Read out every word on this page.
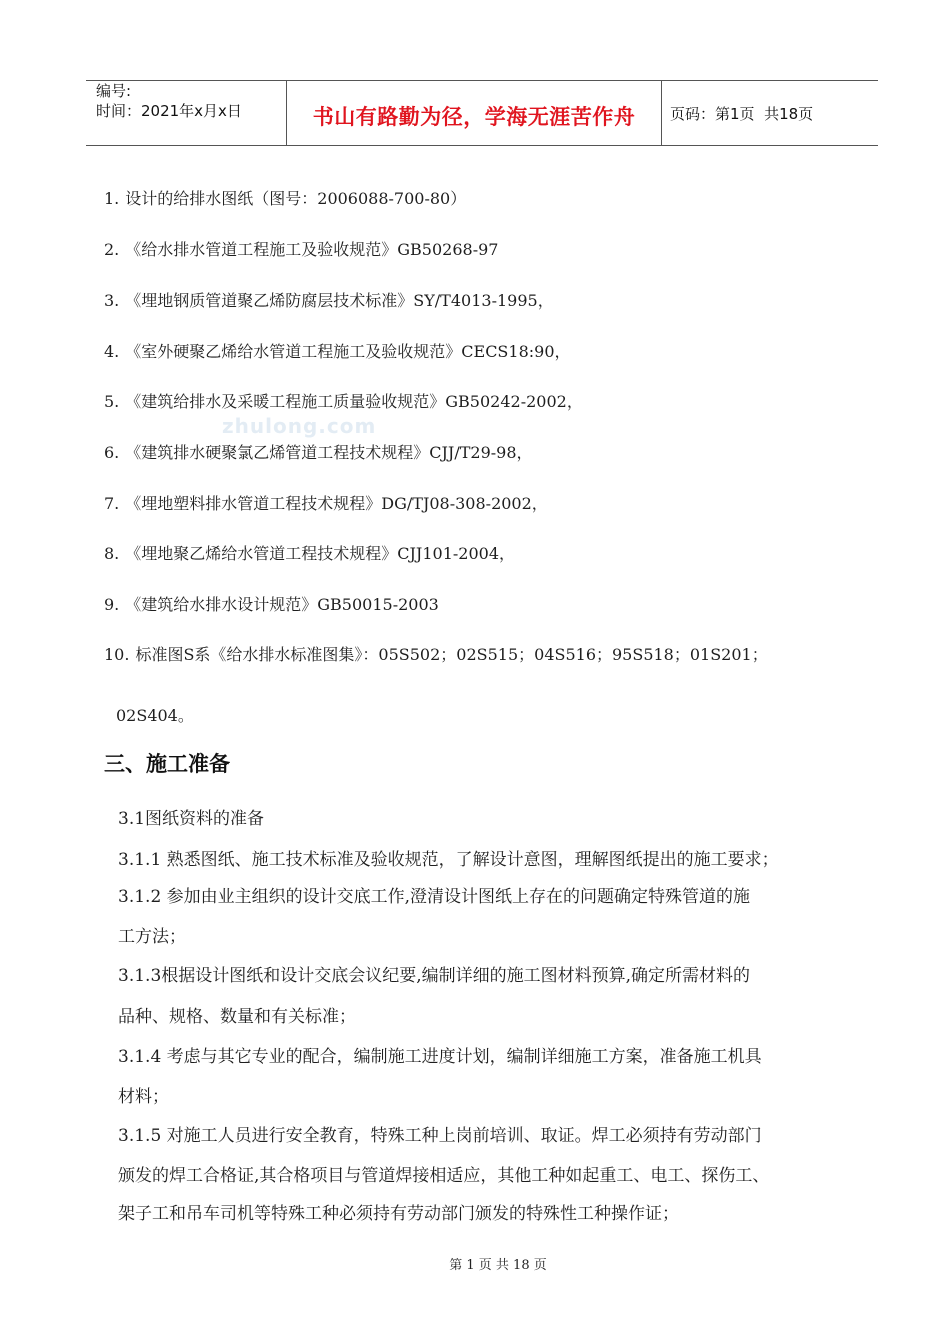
编号:
时间：2021年x月x日	书山有路勤为径，学海无涯苦作舟 页码：第1页  共18页
zhulong.com
1. 设计的给排水图纸（图号：2006088-700-80）
2. 《给水排水管道工程施工及验收规范》GB50268-97
3. 《埋地钢质管道聚乙烯防腐层技术标准》SY/T4013-1995，
4. 《室外硬聚乙烯给水管道工程施工及验收规范》CECS18:90，
5. 《建筑给排水及采暖工程施工质量验收规范》GB50242-2002，
6. 《建筑排水硬聚氯乙烯管道工程技术规程》CJJ/T29-98，
7. 《埋地塑料排水管道工程技术规程》DG/TJ08-308-2002，
8. 《埋地聚乙烯给水管道工程技术规程》CJJ101-2004，
9. 《建筑给水排水设计规范》GB50015-2003
10. 标准图S系《给水排水标准图集》：05S502；02S515；04S516；95S518；01S201；
02S404。
三、施工准备
3.1图纸资料的准备
3.1.1 熟悉图纸、施工技术标准及验收规范，了解设计意图，理解图纸提出的施工要求；
3.1.2 参加由业主组织的设计交底工作,澄清设计图纸上存在的问题确定特殊管道的施
工方法；
3.1.3根据设计图纸和设计交底会议纪要,编制详细的施工图材料预算,确定所需材料的
品种、规格、数量和有关标准；
3.1.4 考虑与其它专业的配合，编制施工进度计划，编制详细施工方案，准备施工机具
材料；
3.1.5 对施工人员进行安全教育，特殊工种上岗前培训、取证。焊工必须持有劳动部门
颁发的焊工合格证,其合格项目与管道焊接相适应，其他工种如起重工、电工、探伤工、
架子工和吊车司机等特殊工种必须持有劳动部门颁发的特殊性工种操作证；
第 1 页 共 18 页
